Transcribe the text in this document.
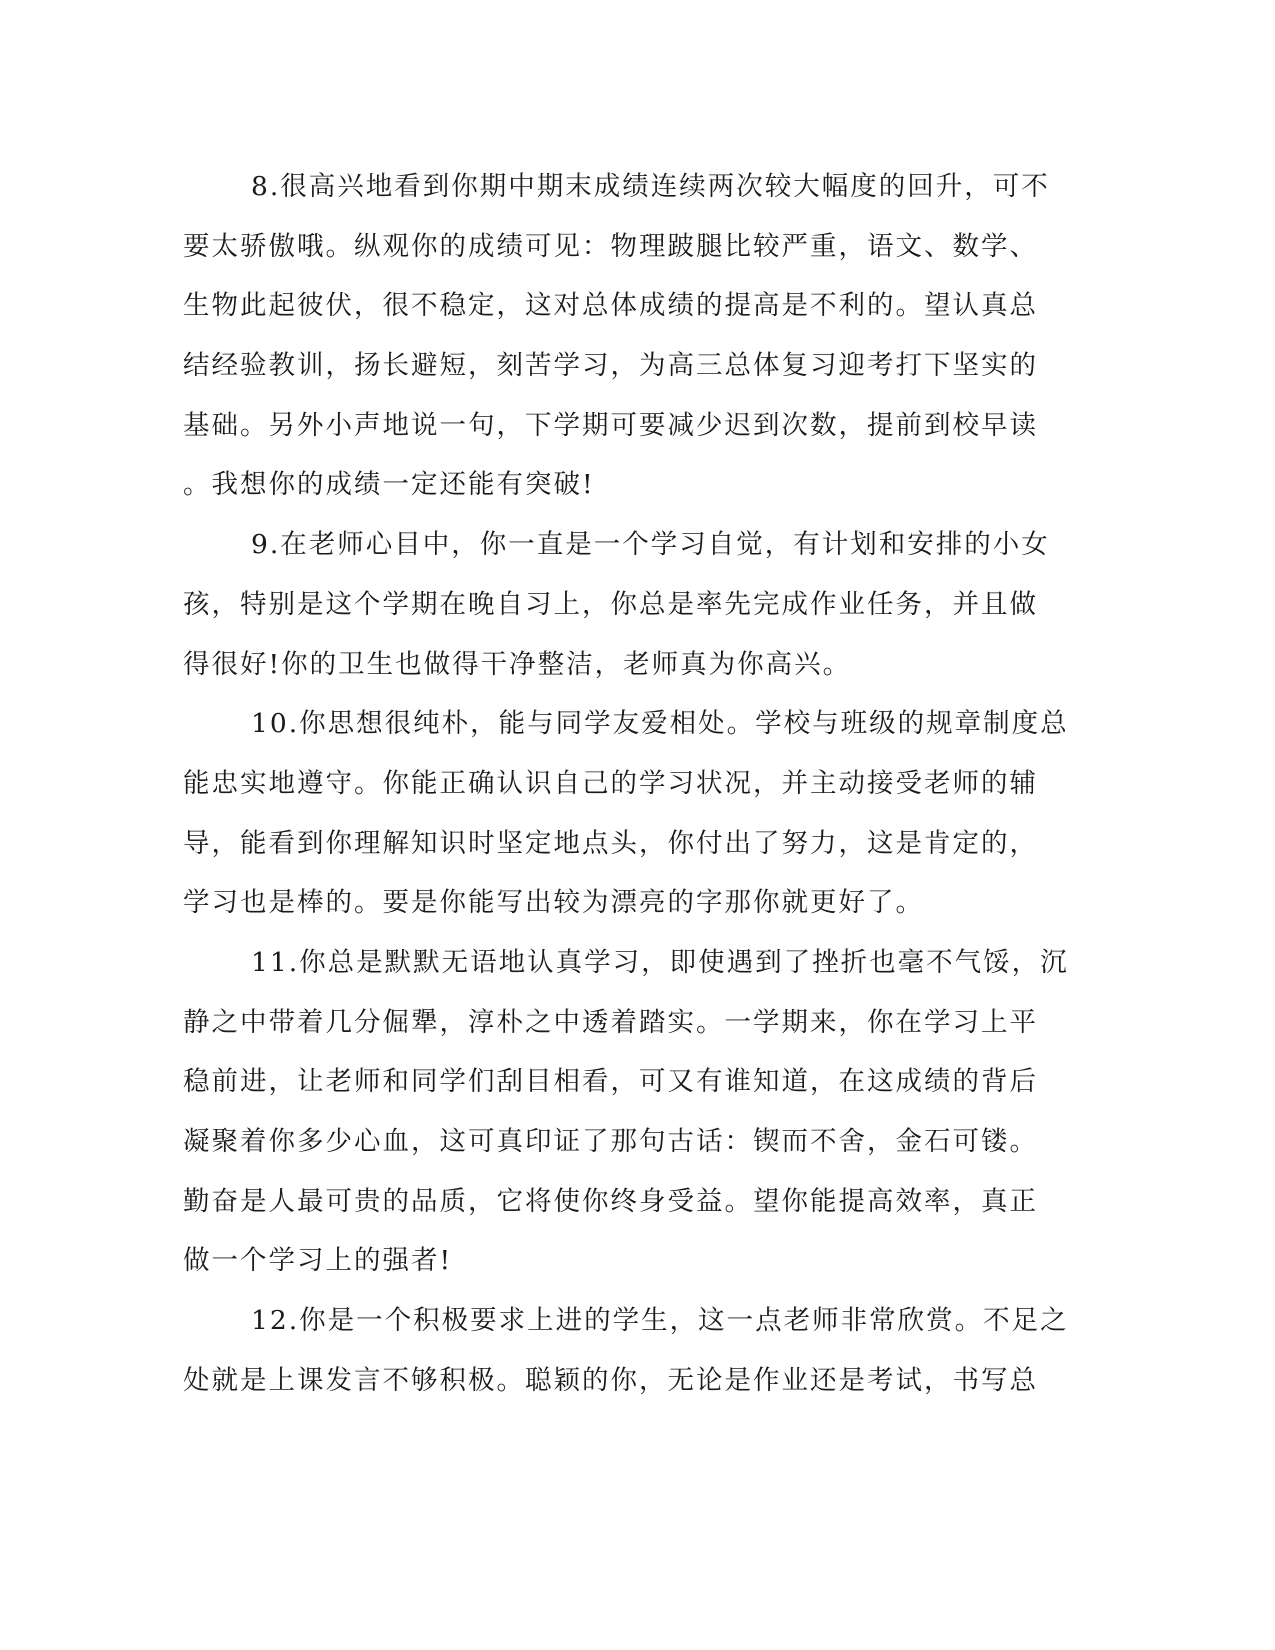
8.很高兴地看到你期中期末成绩连续两次较大幅度的回升，可不
要太骄傲哦。纵观你的成绩可见：物理跛腿比较严重，语文、数学、
生物此起彼伏，很不稳定，这对总体成绩的提高是不利的。望认真总
结经验教训，扬长避短，刻苦学习，为高三总体复习迎考打下坚实的
基础。另外小声地说一句，下学期可要减少迟到次数，提前到校早读
。我想你的成绩一定还能有突破!
9.在老师心目中，你一直是一个学习自觉，有计划和安排的小女
孩，特别是这个学期在晚自习上，你总是率先完成作业任务，并且做
得很好!你的卫生也做得干净整洁，老师真为你高兴。
10.你思想很纯朴，能与同学友爱相处。学校与班级的规章制度总
能忠实地遵守。你能正确认识自己的学习状况，并主动接受老师的辅
导，能看到你理解知识时坚定地点头，你付出了努力，这是肯定的，
学习也是棒的。要是你能写出较为漂亮的字那你就更好了。
11.你总是默默无语地认真学习，即使遇到了挫折也毫不气馁，沉
静之中带着几分倔犟，淳朴之中透着踏实。一学期来，你在学习上平
稳前进，让老师和同学们刮目相看，可又有谁知道，在这成绩的背后
凝聚着你多少心血，这可真印证了那句古话：锲而不舍，金石可镂。
勤奋是人最可贵的品质，它将使你终身受益。望你能提高效率，真正
做一个学习上的强者!
12.你是一个积极要求上进的学生，这一点老师非常欣赏。不足之
处就是上课发言不够积极。聪颖的你，无论是作业还是考试，书写总
